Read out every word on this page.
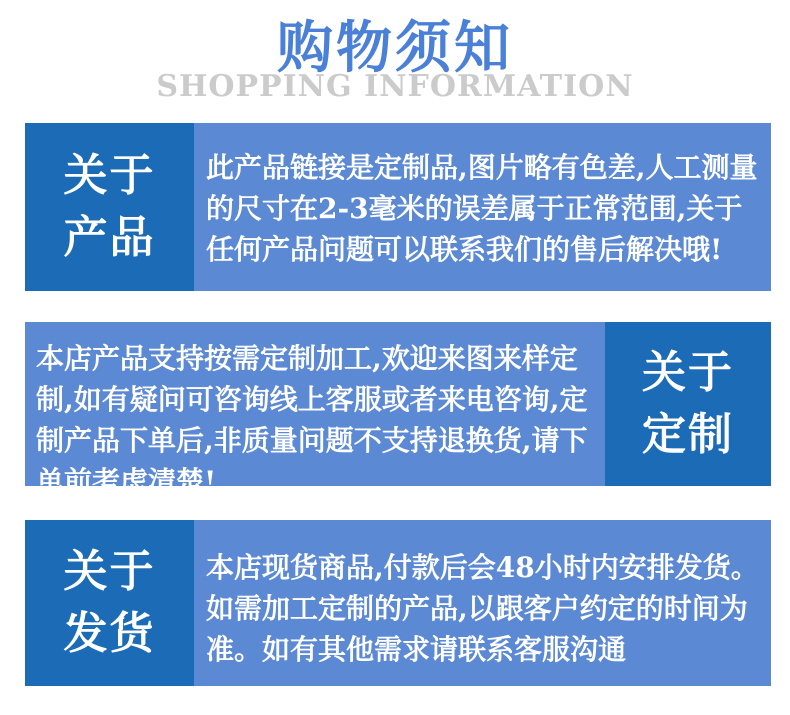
购物须知
SHOPPING INFORMATION
关于
产品

此产品链接是定制品,图片略有色差,人工测量的尺寸在2-3毫米的误差属于正常范围,关于任何产品问题可以联系我们的售后解决哦!

本店产品支持按需定制加工,欢迎来图来样定制,如有疑问可咨询线上客服或者来电咨询,定制产品下单后,非质量问题不支持退换货,请下单前考虑清楚!

关于
定制
关于
发货

本店现货商品,付款后会48小时内安排发货。如需加工定制的产品,以跟客户约定的时间为准。如有其他需求请联系客服沟通
